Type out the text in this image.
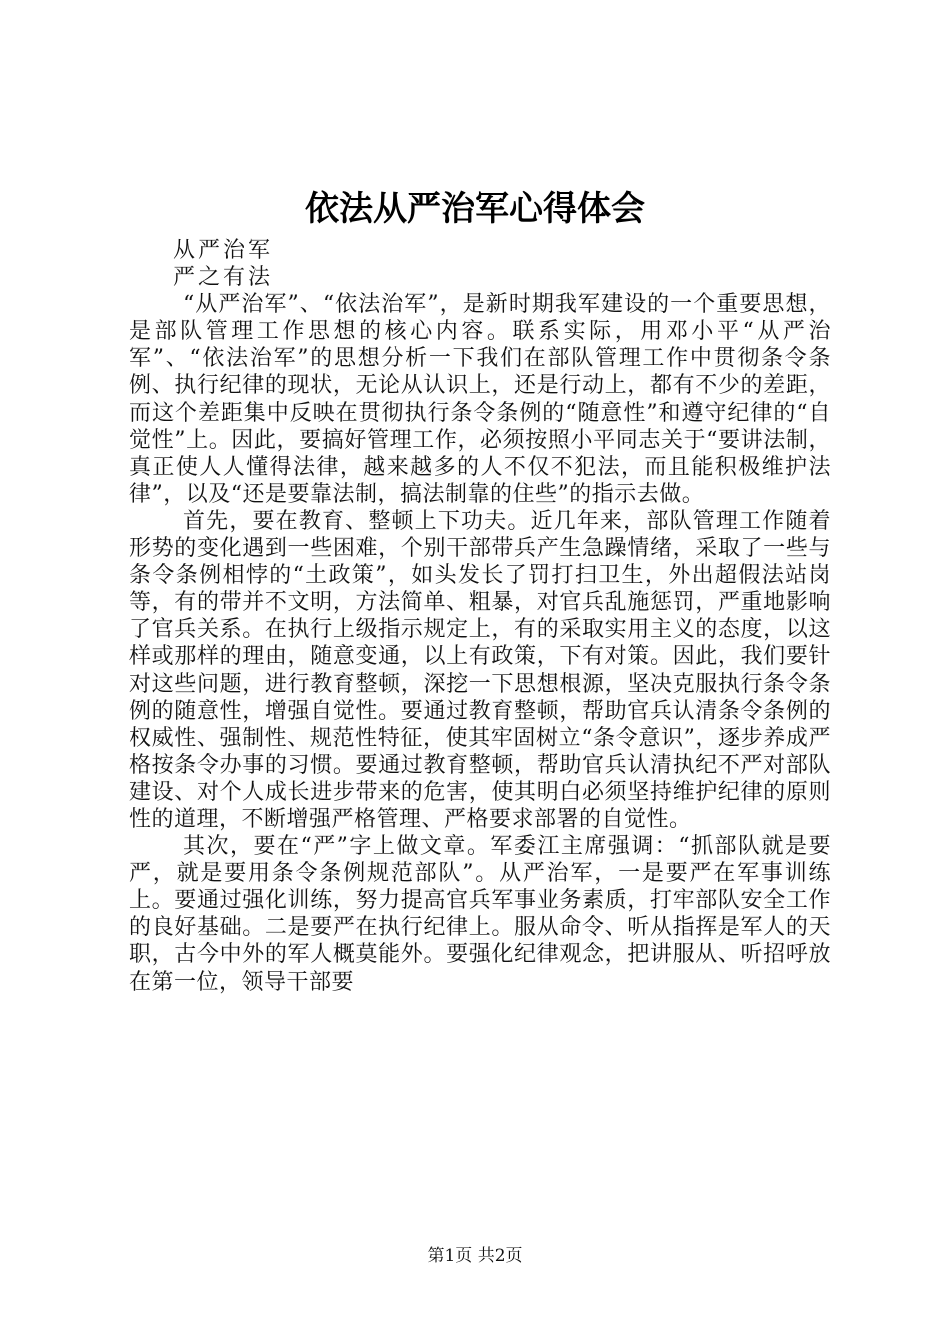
依法从严治军心得体会

从严治军

严之有法

“从严治军”、“依法治军”，是新时期我军建设的一个重要思想，是部队管理工作思想的核心内容。联系实际，用邓小平“从严治军”、“依法治军”的思想分析一下我们在部队管理工作中贯彻条令条例、执行纪律的现状，无论从认识上，还是行动上，都有不少的差距，而这个差距集中反映在贯彻执行条令条例的“随意性”和遵守纪律的“自觉性”上。因此，要搞好管理工作，必须按照小平同志关于“要讲法制，真正使人人懂得法律，越来越多的人不仅不犯法，而且能积极维护法律”，以及“还是要靠法制，搞法制靠的住些”的指示去做。

首先，要在教育、整顿上下功夫。近几年来，部队管理工作随着形势的变化遇到一些困难，个别干部带兵产生急躁情绪，采取了一些与条令条例相悖的“土政策”，如头发长了罚打扫卫生，外出超假法站岗等，有的带并不文明，方法简单、粗暴，对官兵乱施惩罚，严重地影响了官兵关系。在执行上级指示规定上，有的采取实用主义的态度，以这样或那样的理由，随意变通，以上有政策，下有对策。因此，我们要针对这些问题，进行教育整顿，深挖一下思想根源，坚决克服执行条令条例的随意性，增强自觉性。要通过教育整顿，帮助官兵认清条令条例的权威性、强制性、规范性特征，使其牢固树立“条令意识”，逐步养成严格按条令办事的习惯。要通过教育整顿，帮助官兵认清执纪不严对部队建设、对个人成长进步带来的危害，使其明白必须坚持维护纪律的原则性的道理，不断增强严格管理、严格要求部署的自觉性。

其次，要在“严”字上做文章。军委江主席强调：“抓部队就是要严，就是要用条令条例规范部队”。从严治军，一是要严在军事训练上。要通过强化训练，努力提高官兵军事业务素质，打牢部队安全工作的良好基础。二是要严在执行纪律上。服从命令、听从指挥是军人的天职，古今中外的军人概莫能外。要强化纪律观念，把讲服从、听招呼放在第一位，领导干部要

第1页 共2页
